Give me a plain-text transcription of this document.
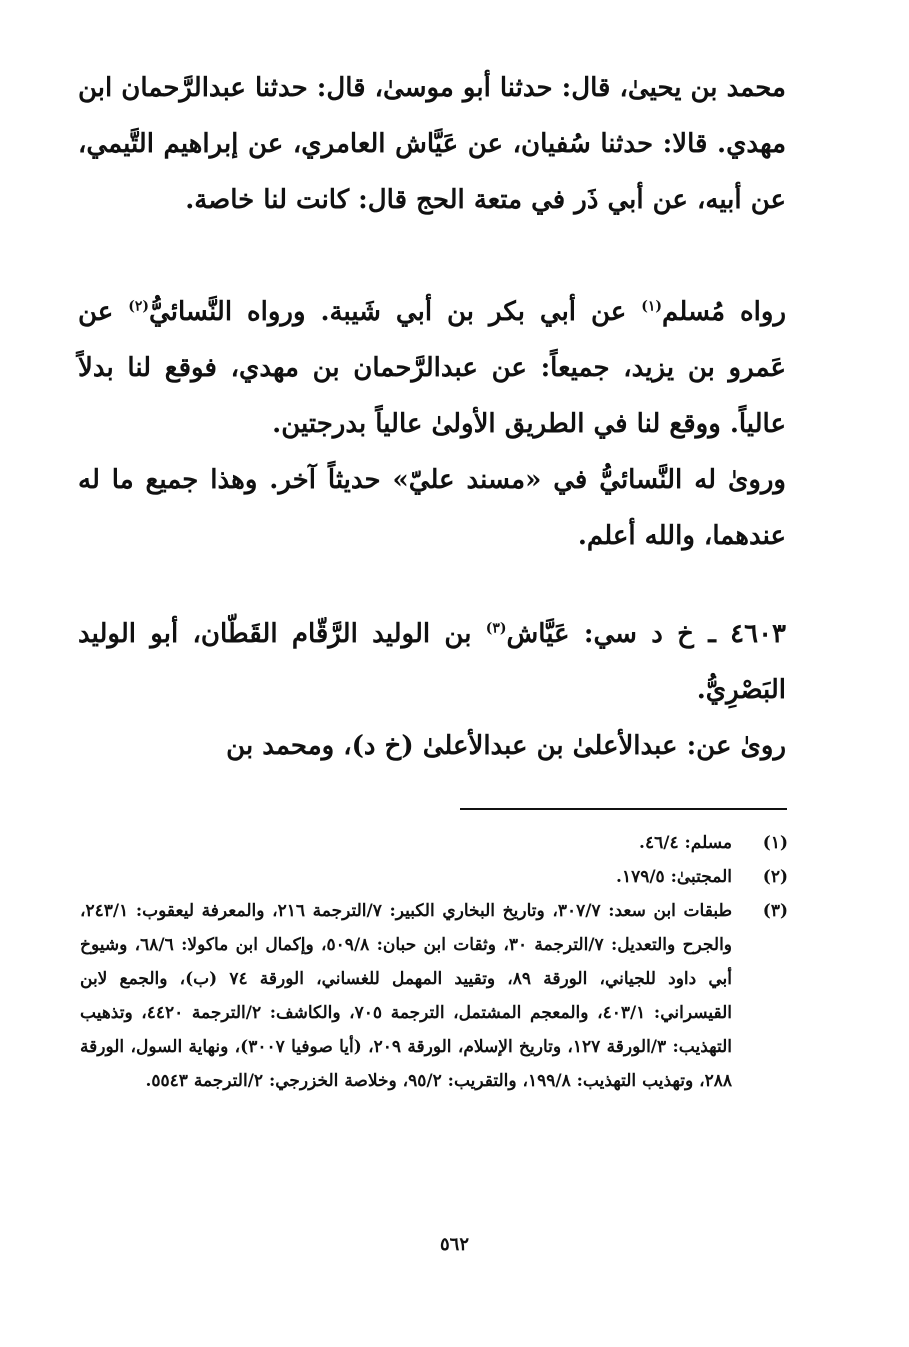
محمد بن يحيىٰ، قال: حدثنا أبو موسىٰ، قال: حدثنا عبدالرَّحمان ابن مهدي. قالا: حدثنا سُفيان، عن عَيَّاش العامري، عن إبراهيم التَّيمي، عن أبيه، عن أبي ذَر في متعة الحج قال: كانت لنا خاصة.

رواه مُسلم$^{(١)}$ عن أبي بكر بن أبي شَيبة. ورواه النَّسائيُّ$^{(٢)}$ عن عَمرو بن يزيد، جميعاً: عن عبدالرَّحمان بن مهدي، فوقع لنا بدلاً عالياً. ووقع لنا في الطريق الأولىٰ عالياً بدرجتين.

وروىٰ له النَّسائيُّ في «مسند عليّ» حديثاً آخر. وهذا جميع ما له عندهما، والله أعلم.

٤٦٠٣ ـ خ د سي: عَيَّاش$^{(٣)}$ بن الوليد الرَّقّام القَطّان، أبو الوليد البَصْرِيُّ.

روىٰ عن: عبدالأعلىٰ بن عبدالأعلىٰ (خ د)، ومحمد بن

(١)
مسلم: ٤٦/٤.
(٢)
المجتبىٰ: ١٧٩/٥.
(٣)
طبقات ابن سعد: ٣٠٧/٧، وتاريخ البخاري الكبير: ٧/الترجمة ٢١٦، والمعرفة ليعقوب: ٢٤٣/١، والجرح والتعديل: ٧/الترجمة ٣٠، وثقات ابن حبان: ٥٠٩/٨، وإكمال ابن ماكولا: ٦٨/٦، وشيوخ أبي داود للجياني، الورقة ٨٩، وتقييد المهمل للغساني، الورقة ٧٤ (ب)، والجمع لابن القيسراني: ٤٠٣/١، والمعجم المشتمل، الترجمة ٧٠٥، والكاشف: ٢/الترجمة ٤٤٢٠، وتذهيب التهذيب: ٣/الورقة ١٢٧، وتاريخ الإسلام، الورقة ٢٠٩، (أيا صوفيا ٣٠٠٧)، ونهاية السول، الورقة ٢٨٨، وتهذيب التهذيب: ١٩٩/٨، والتقريب: ٩٥/٢، وخلاصة الخزرجي: ٢/الترجمة ٥٥٤٣.
٥٦٢
